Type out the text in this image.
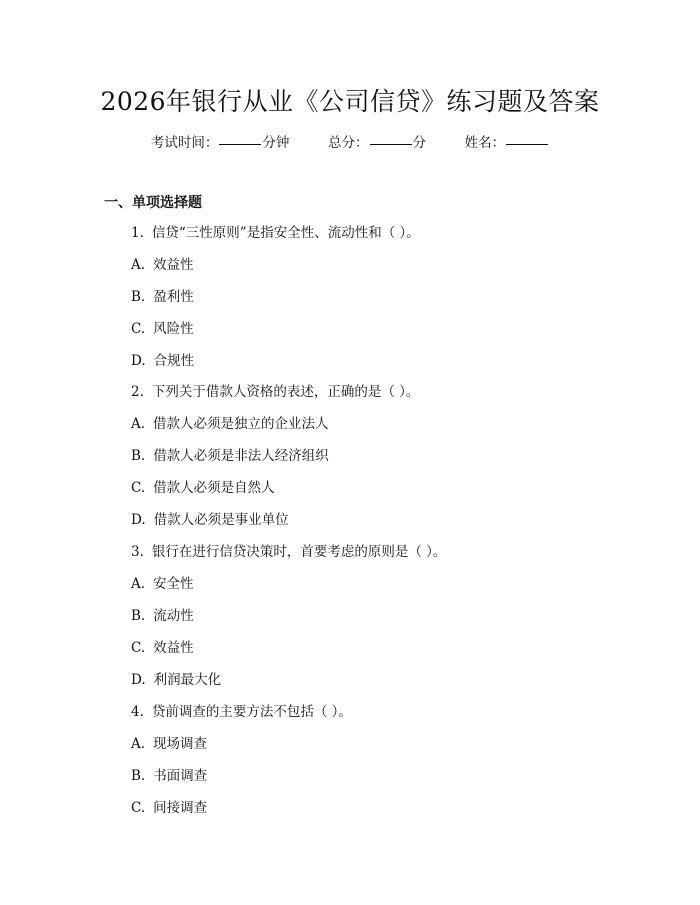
2026年银行从业《公司信贷》练习题及答案
考试时间：	分钟	总分：	分	姓名：
一、单项选择题
1. 信贷“三性原则”是指安全性、流动性和（ ）。
A. 效益性
B. 盈利性
C. 风险性
D. 合规性
2. 下列关于借款人资格的表述，正确的是（ ）。
A. 借款人必须是独立的企业法人
B. 借款人必须是非法人经济组织
C. 借款人必须是自然人
D. 借款人必须是事业单位
3. 银行在进行信贷决策时，首要考虑的原则是（ ）。
A. 安全性
B. 流动性
C. 效益性
D. 利润最大化
4. 贷前调查的主要方法不包括（ ）。
A. 现场调查
B. 书面调查
C. 间接调查
